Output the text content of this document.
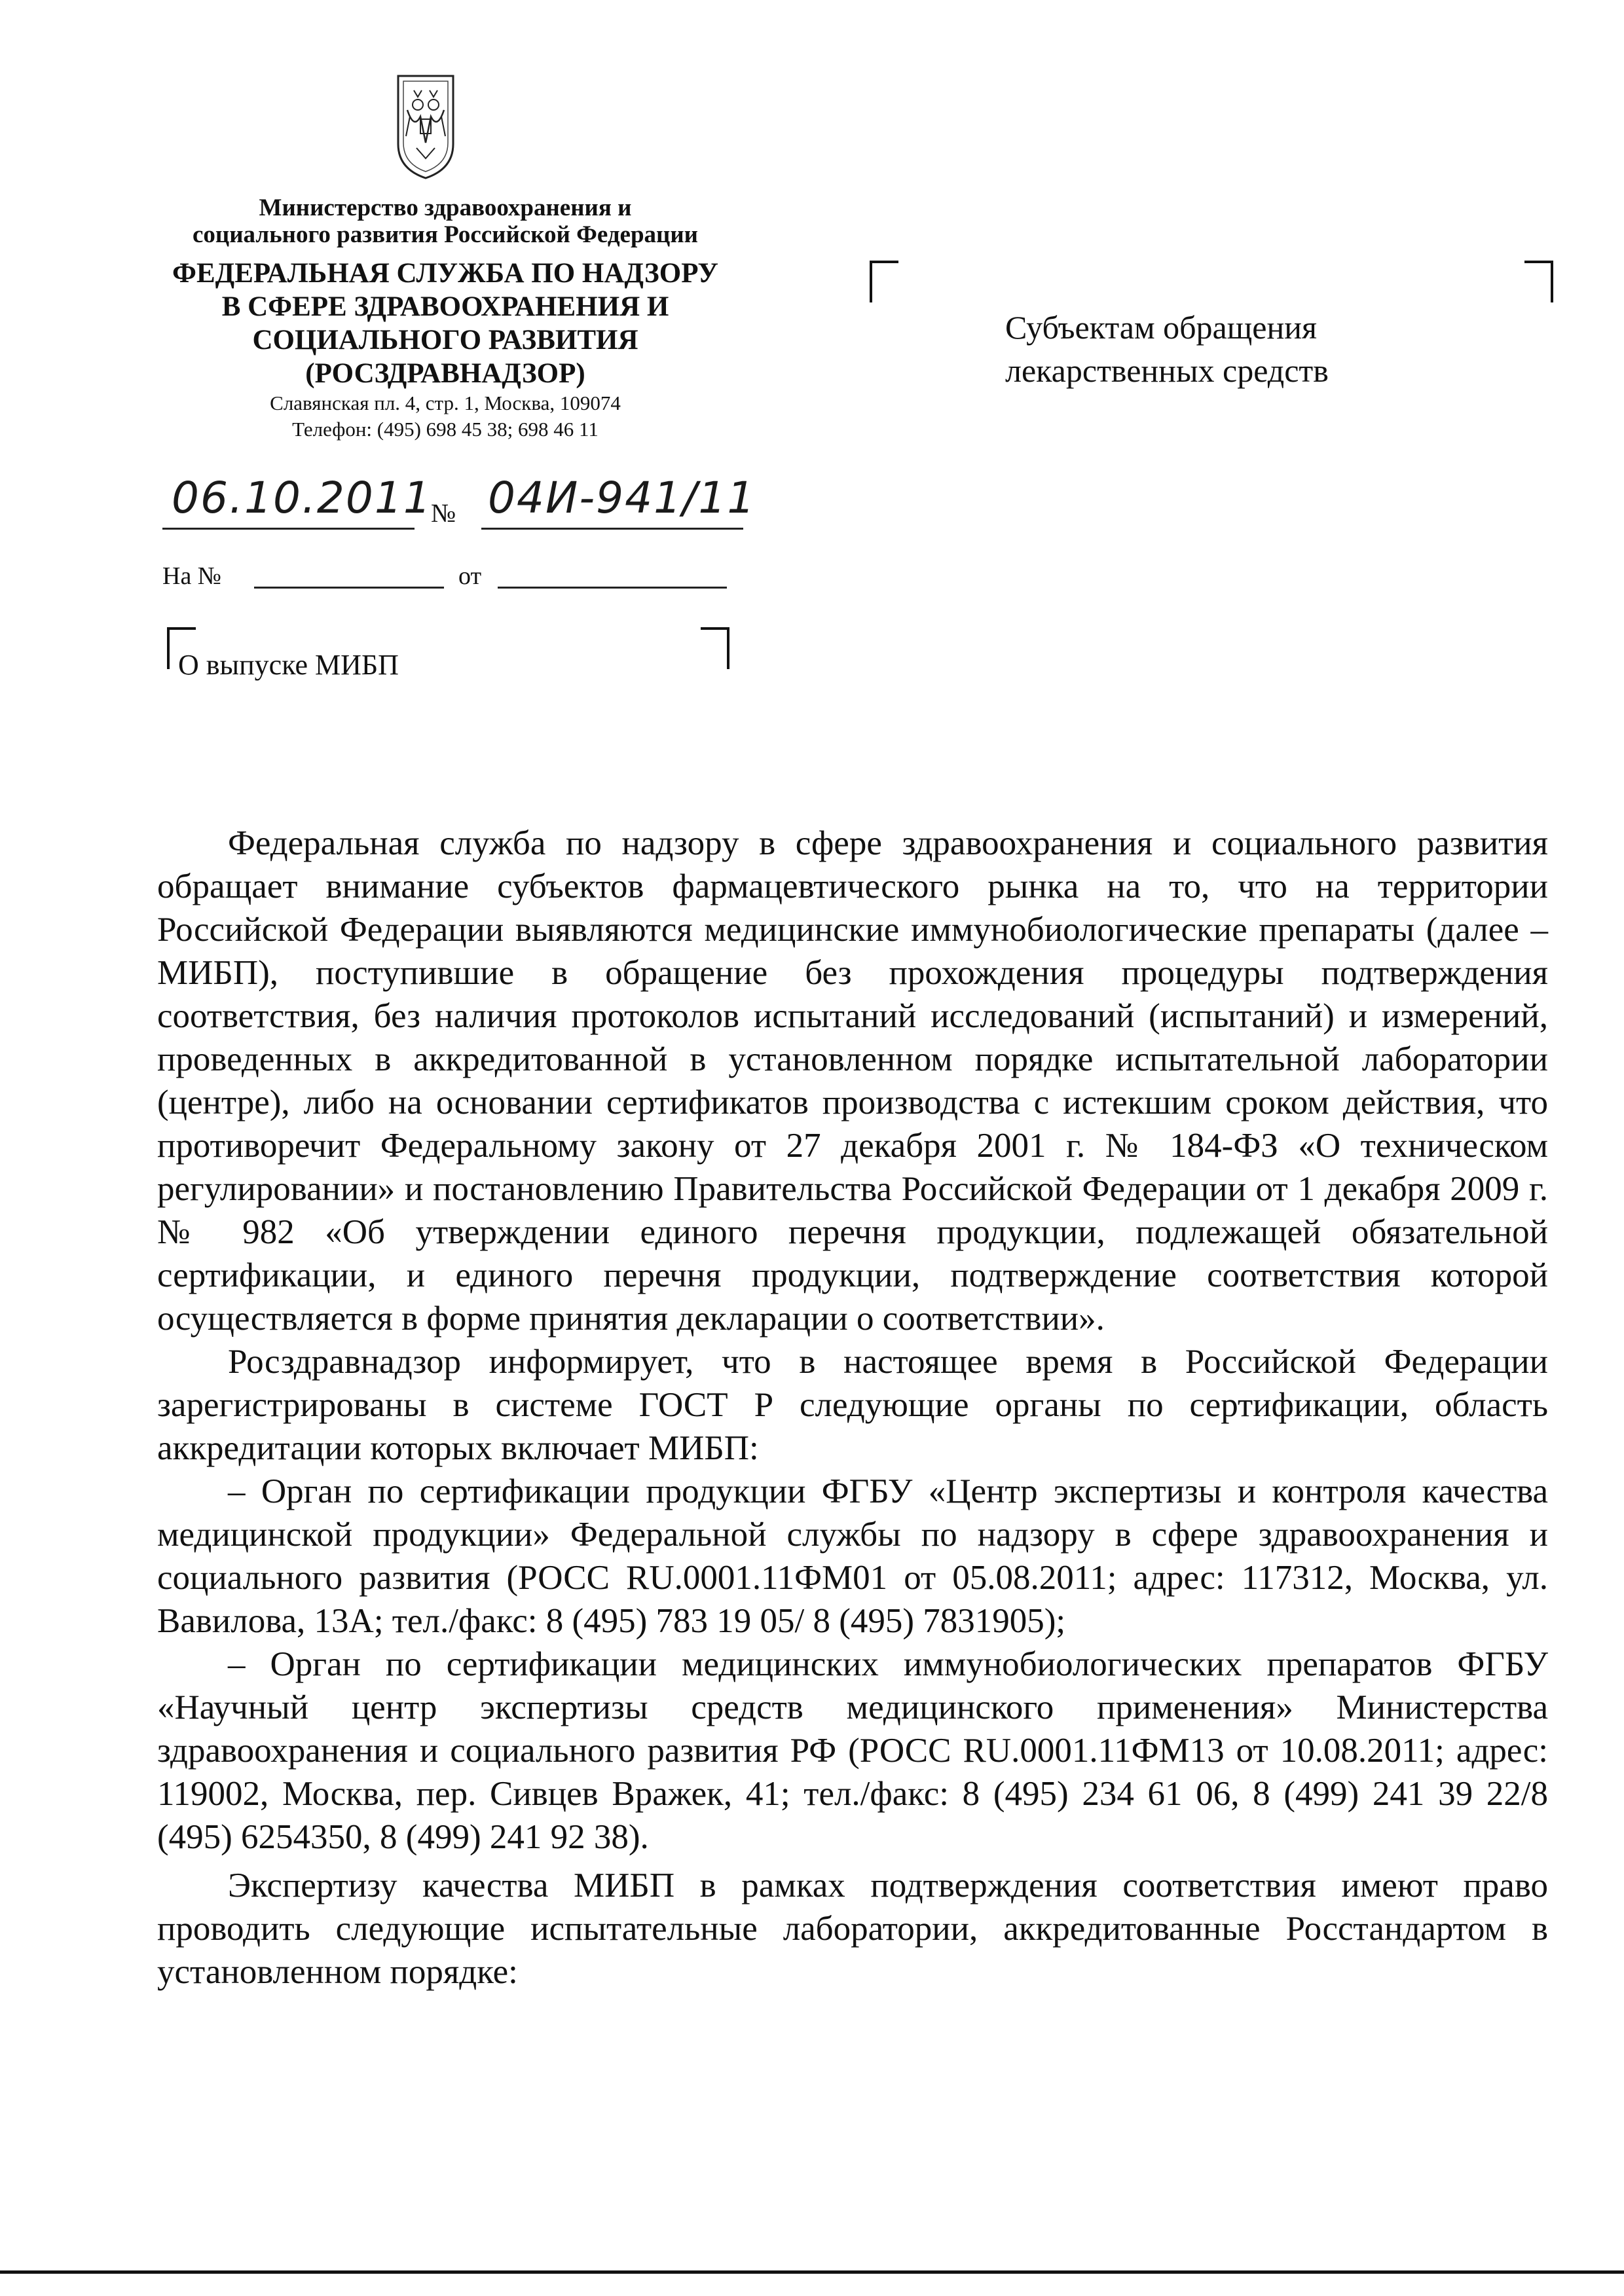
Министерство здравоохранения и
социального развития Российской Федерации
ФЕДЕРАЛЬНАЯ СЛУЖБА ПО НАДЗОРУ
В СФЕРЕ ЗДРАВООХРАНЕНИЯ И
СОЦИАЛЬНОГО РАЗВИТИЯ
(РОСЗДРАВНАДЗОР)
Славянская пл. 4, стр. 1, Москва, 109074
Телефон: (495) 698 45 38; 698 46 11
06.10.2011
№ 04И-941/11
На №	от
О выпуске МИБП
Субъектам обращения
лекарственных средств

Федеральная служба по надзору в сфере здравоохранения и социального развития обращает внимание субъектов фармацевтического рынка на то, что на территории Российской Федерации выявляются медицинские иммунобиологические препараты (далее – МИБП), поступившие в обращение без прохождения процедуры подтверждения соответствия, без наличия протоколов испытаний исследований (испытаний) и измерений, проведенных в аккредитованной в установленном порядке испытательной лаборатории (центре), либо на основании сертификатов производства с истекшим сроком действия, что противоречит Федеральному закону от 27 декабря 2001 г. № 184-ФЗ «О техническом регулировании» и постановлению Правительства Российской Федерации от 1 декабря 2009 г. № 982 «Об утверждении единого перечня продукции, подлежащей обязательной сертификации, и единого перечня продукции, подтверждение соответствия которой осуществляется в форме принятия декларации о соответствии».

Росздравнадзор информирует, что в настоящее время в Российской Федерации зарегистрированы в системе ГОСТ Р следующие органы по сертификации, область аккредитации которых включает МИБП:

– Орган по сертификации продукции ФГБУ «Центр экспертизы и контроля качества медицинской продукции» Федеральной службы по надзору в сфере здравоохранения и социального развития (РОСС RU.0001.11ФМ01 от 05.08.2011; адрес: 117312, Москва, ул. Вавилова, 13А; тел./факс: 8 (495) 783 19 05/ 8 (495) 7831905);

– Орган по сертификации медицинских иммунобиологических препаратов ФГБУ «Научный центр экспертизы средств медицинского применения» Министерства здравоохранения и социального развития РФ (РОСС RU.0001.11ФМ13 от 10.08.2011; адрес: 119002, Москва, пер. Сивцев Вражек, 41; тел./факс: 8 (495) 234 61 06, 8 (499) 241 39 22/8 (495) 6254350, 8 (499) 241 92 38).

Экспертизу качества МИБП в рамках подтверждения соответствия имеют право проводить следующие испытательные лаборатории, аккредитованные Росстандартом в установленном порядке:
